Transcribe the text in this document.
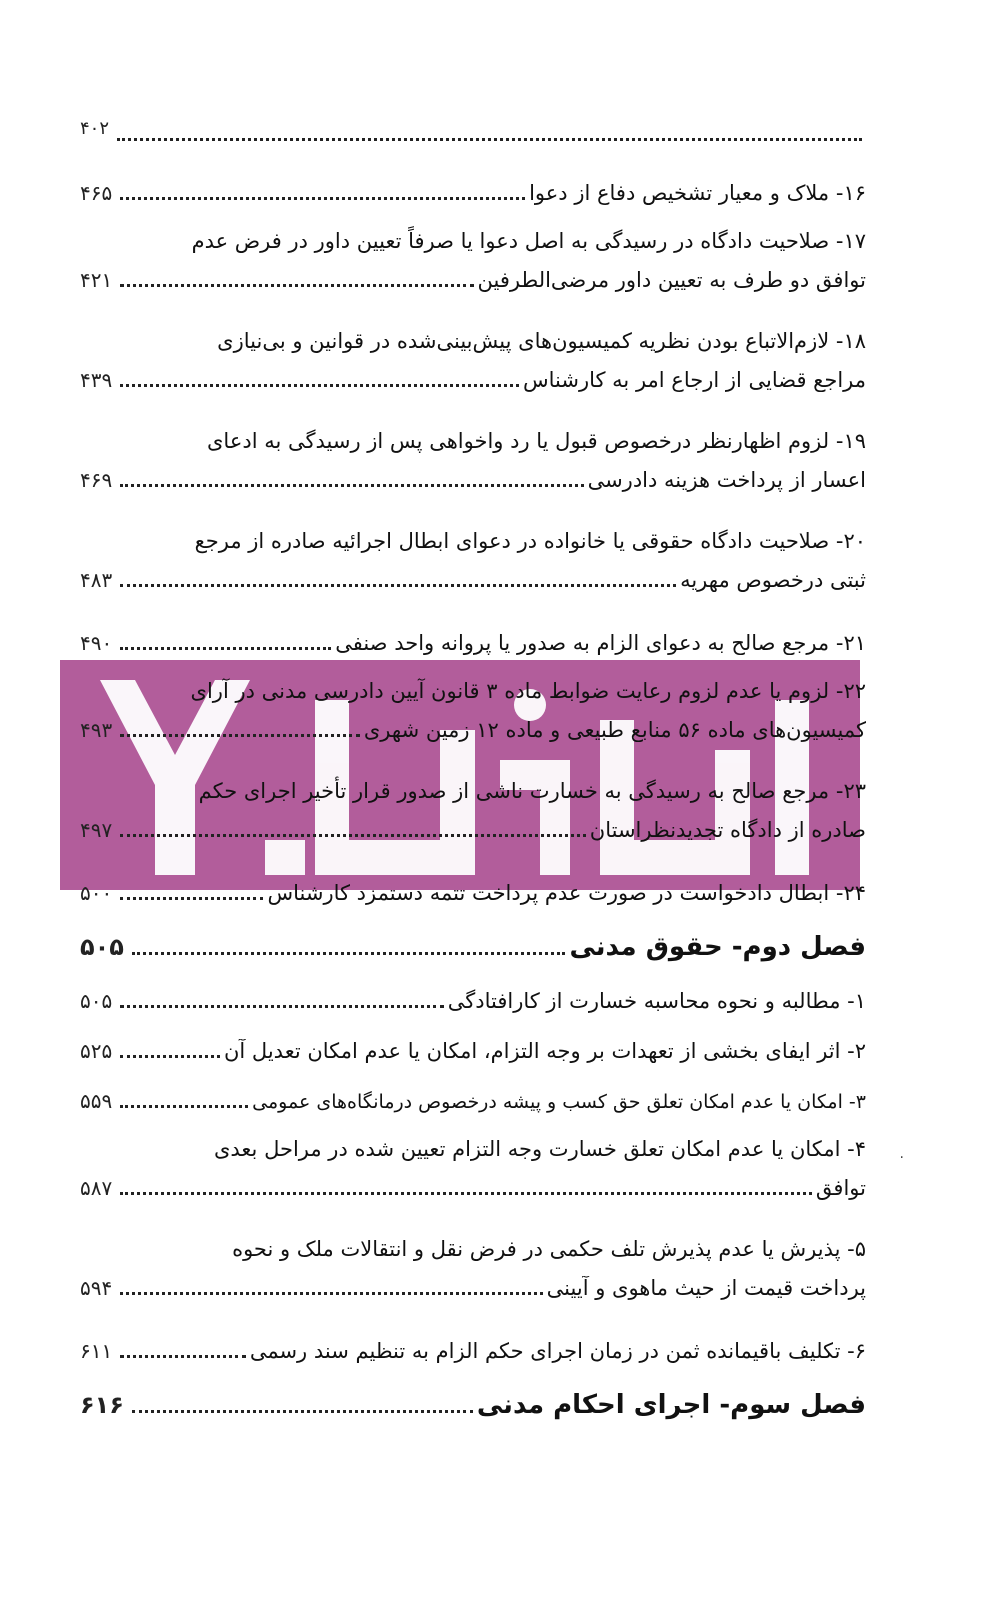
۴۰۲
۴۶۵	۱۶- ملاک و معیار تشخیص دفاع از دعوا
۱۷- صلاحیت دادگاه در رسیدگی به اصل دعوا یا صرفاً تعیین داور در فرض عدم
۴۲۱	توافق دو طرف به تعیین داور مرضی‌الطرفین
۱۸- لازم‌الاتباع بودن نظریه کمیسیون‌های پیش‌بینی‌شده در قوانین و بی‌نیازی
۴۳۹	مراجع قضایی از ارجاع امر به کارشناس
۱۹- لزوم اظهارنظر درخصوص قبول یا رد واخواهی پس از رسیدگی به ادعای
۴۶۹	اعسار از پرداخت هزینه دادرسی
۲۰- صلاحیت دادگاه حقوقی یا خانواده در دعوای ابطال اجرائیه صادره از مرجع
۴۸۳	ثبتی درخصوص مهریه
۴۹۰	۲۱- مرجع صالح به دعوای الزام به صدور یا پروانه واحد صنفی
۲۲- لزوم یا عدم لزوم رعایت ضوابط ماده ۳ قانون آیین دادرسی مدنی در آرای
۴۹۳	کمیسیون‌های ماده ۵۶ منابع طبیعی و ماده ۱۲ زمین شهری
۲۳- مرجع صالح به رسیدگی به خسارت ناشی از صدور قرار تأخیر اجرای حکم
۴۹۷	صادره از دادگاه تجدیدنظراستان
۵۰۰	۲۴- ابطال دادخواست در صورت عدم پرداخت تتمه دستمزد کارشناس
۵۰۵	فصل دوم- حقوق مدنی
۵۰۵	۱- مطالبه و نحوه محاسبه خسارت از کارافتادگی
۵۲۵	۲- اثر ایفای بخشی از تعهدات بر وجه التزام، امکان یا عدم امکان تعدیل آن
۵۵۹	۳- امکان یا عدم امکان تعلق حق کسب و پیشه درخصوص درمانگاه‌های عمومی
.
۴- امکان یا عدم امکان تعلق خسارت وجه التزام تعیین شده در مراحل بعدی
۵۸۷	توافق
۵- پذیرش یا عدم پذیرش تلف حکمی در فرض نقل و انتقالات ملک و نحوه
۵۹۴	پرداخت قیمت از حیث ماهوی و آیینی
۶۱۱	۶- تکلیف باقیمانده ثمن در زمان اجرای حکم الزام به تنظیم سند رسمی
۶۱۶	فصل سوم- اجرای احکام مدنی
